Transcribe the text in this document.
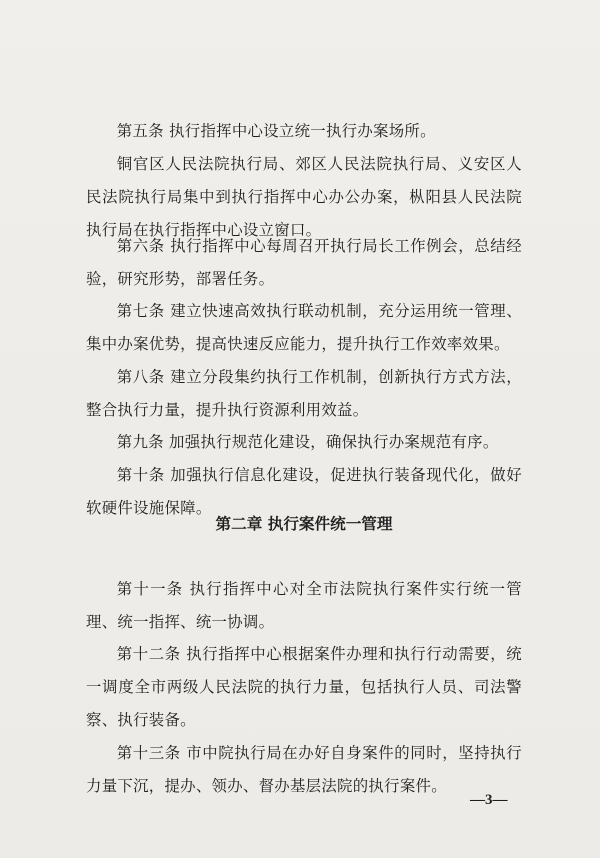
第五条 执行指挥中心设立统一执行办案场所。

铜官区人民法院执行局、郊区人民法院执行局、义安区人民法院执行局集中到执行指挥中心办公办案，枞阳县人民法院执行局在执行指挥中心设立窗口。

第六条 执行指挥中心每周召开执行局长工作例会，总结经验，研究形势，部署任务。

第七条 建立快速高效执行联动机制，充分运用统一管理、集中办案优势，提高快速反应能力，提升执行工作效率效果。

第八条 建立分段集约执行工作机制，创新执行方式方法，整合执行力量，提升执行资源利用效益。

第九条 加强执行规范化建设，确保执行办案规范有序。

第十条 加强执行信息化建设，促进执行装备现代化，做好软硬件设施保障。

第二章 执行案件统一管理

第十一条 执行指挥中心对全市法院执行案件实行统一管理、统一指挥、统一协调。

第十二条 执行指挥中心根据案件办理和执行行动需要，统一调度全市两级人民法院的执行力量，包括执行人员、司法警察、执行装备。

第十三条 市中院执行局在办好自身案件的同时，坚持执行力量下沉，提办、领办、督办基层法院的执行案件。

—3—
